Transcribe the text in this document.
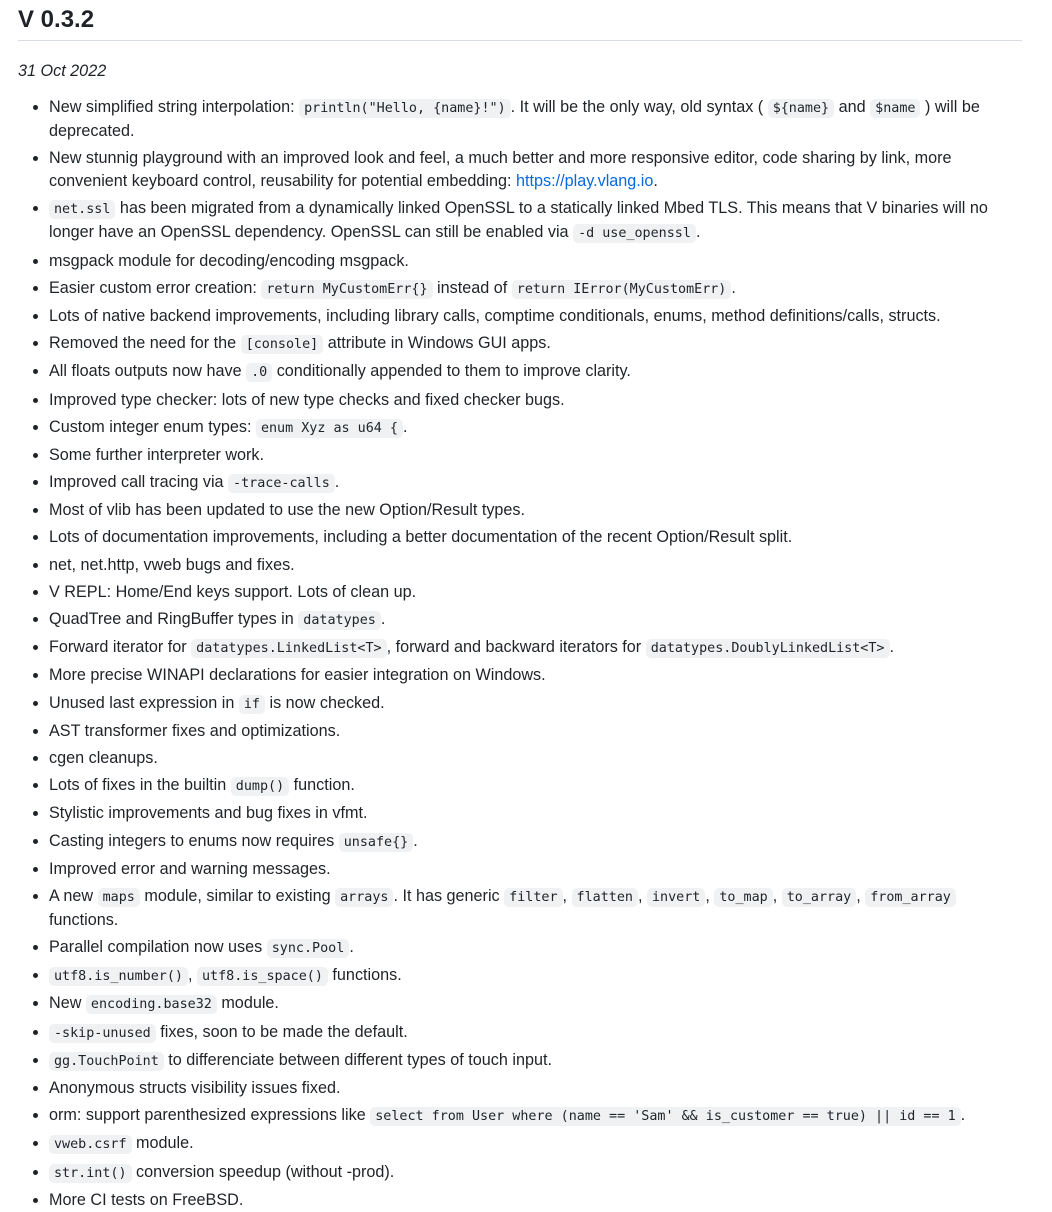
V 0.3.2

31 Oct 2022

New simplified string interpolation: println("Hello, {name}!") . It will be the only way, old syntax ( ${name} and $name ) will be deprecated.
New stunnig playground with an improved look and feel, a much better and more responsive editor, code sharing by link, more convenient keyboard control, reusability for potential embedding: https://play.vlang.io.
net.ssl has been migrated from a dynamically linked OpenSSL to a statically linked Mbed TLS. This means that V binaries will no longer have an OpenSSL dependency. OpenSSL can still be enabled via -d use_openssl .
msgpack module for decoding/encoding msgpack.
Easier custom error creation: return MyCustomErr{} instead of return IError(MyCustomErr) .
Lots of native backend improvements, including library calls, comptime conditionals, enums, method definitions/calls, structs.
Removed the need for the [console] attribute in Windows GUI apps.
All floats outputs now have .0 conditionally appended to them to improve clarity.
Improved type checker: lots of new type checks and fixed checker bugs.
Custom integer enum types: enum Xyz as u64 { .
Some further interpreter work.
Improved call tracing via -trace-calls .
Most of vlib has been updated to use the new Option/Result types.
Lots of documentation improvements, including a better documentation of the recent Option/Result split.
net, net.http, vweb bugs and fixes.
V REPL: Home/End keys support. Lots of clean up.
QuadTree and RingBuffer types in datatypes .
Forward iterator for datatypes.LinkedList<T> , forward and backward iterators for datatypes.DoublyLinkedList<T> .
More precise WINAPI declarations for easier integration on Windows.
Unused last expression in if is now checked.
AST transformer fixes and optimizations.
cgen cleanups.
Lots of fixes in the builtin dump() function.
Stylistic improvements and bug fixes in vfmt.
Casting integers to enums now requires unsafe{} .
Improved error and warning messages.
A new maps module, similar to existing arrays . It has generic filter , flatten , invert , to_map , to_array , from_array functions.
Parallel compilation now uses sync.Pool .
utf8.is_number() , utf8.is_space() functions.
New encoding.base32 module.
-skip-unused fixes, soon to be made the default.
gg.TouchPoint to differenciate between different types of touch input.
Anonymous structs visibility issues fixed.
orm: support parenthesized expressions like select from User where (name == 'Sam' && is_customer == true) || id == 1 .
vweb.csrf module.
str.int() conversion speedup (without -prod).
More CI tests on FreeBSD.
